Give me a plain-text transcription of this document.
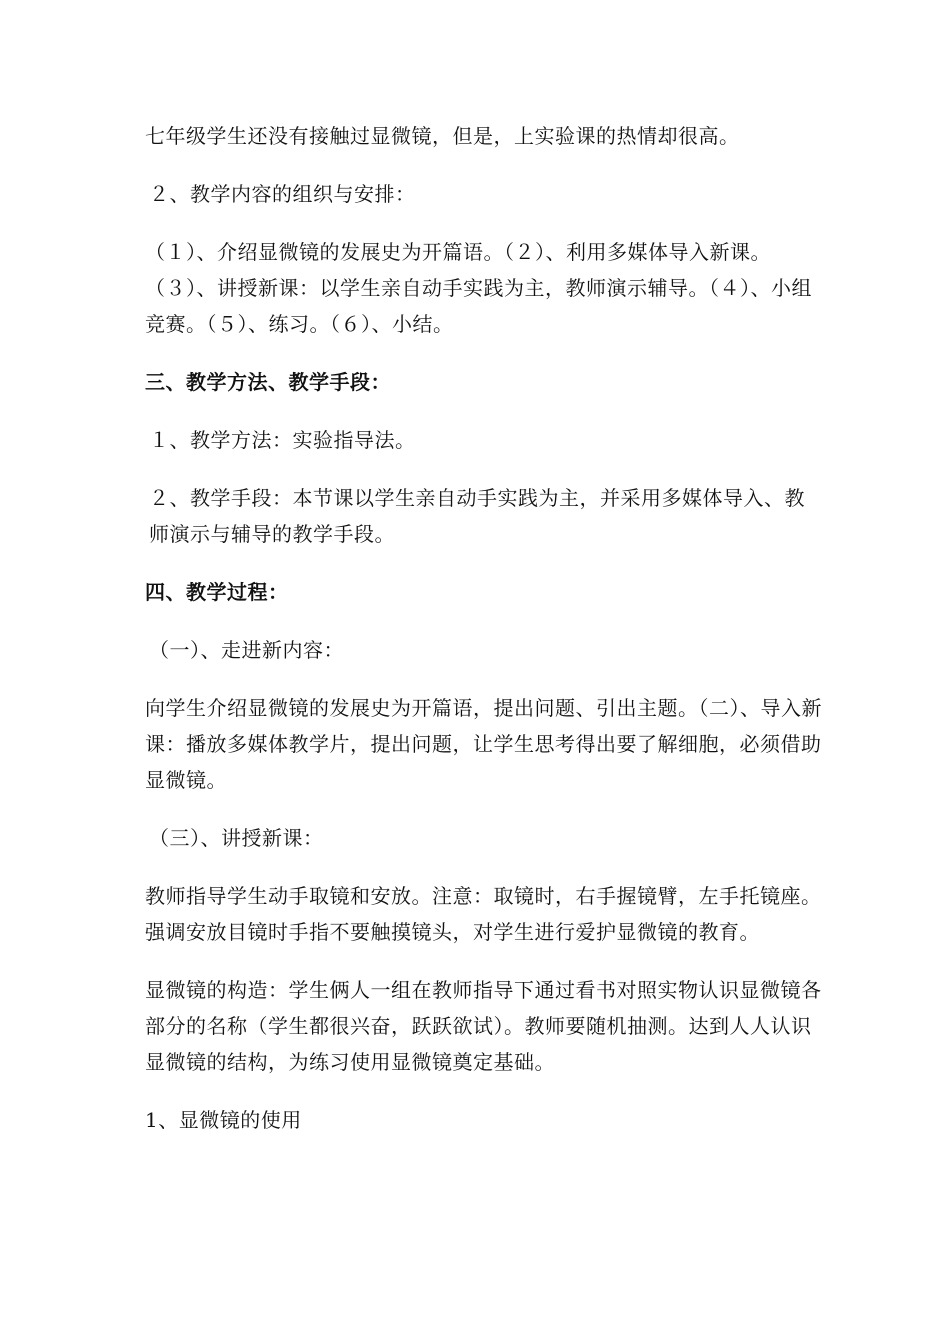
七年级学生还没有接触过显微镜，但是，上实验课的热情却很高。

２、教学内容的组织与安排：

（１）、介绍显微镜的发展史为开篇语。（２）、利用多媒体导入新课。（３）、讲授新课：以学生亲自动手实践为主，教师演示辅导。（４）、小组竞赛。（５）、练习。（６）、小结。

三、教学方法、教学手段：

１、教学方法：实验指导法。

２、教学手段：本节课以学生亲自动手实践为主，并采用多媒体导入、教师演示与辅导的教学手段。

四、教学过程：

（一）、走进新内容：

向学生介绍显微镜的发展史为开篇语，提出问题、引出主题。（二）、导入新课：播放多媒体教学片，提出问题，让学生思考得出要了解细胞，必须借助显微镜。

（三）、讲授新课：

教师指导学生动手取镜和安放。注意：取镜时，右手握镜臂，左手托镜座。强调安放目镜时手指不要触摸镜头，对学生进行爱护显微镜的教育。

显微镜的构造：学生俩人一组在教师指导下通过看书对照实物认识显微镜各部分的名称（学生都很兴奋，跃跃欲试）。教师要随机抽测。达到人人认识显微镜的结构，为练习使用显微镜奠定基础。

1、显微镜的使用
